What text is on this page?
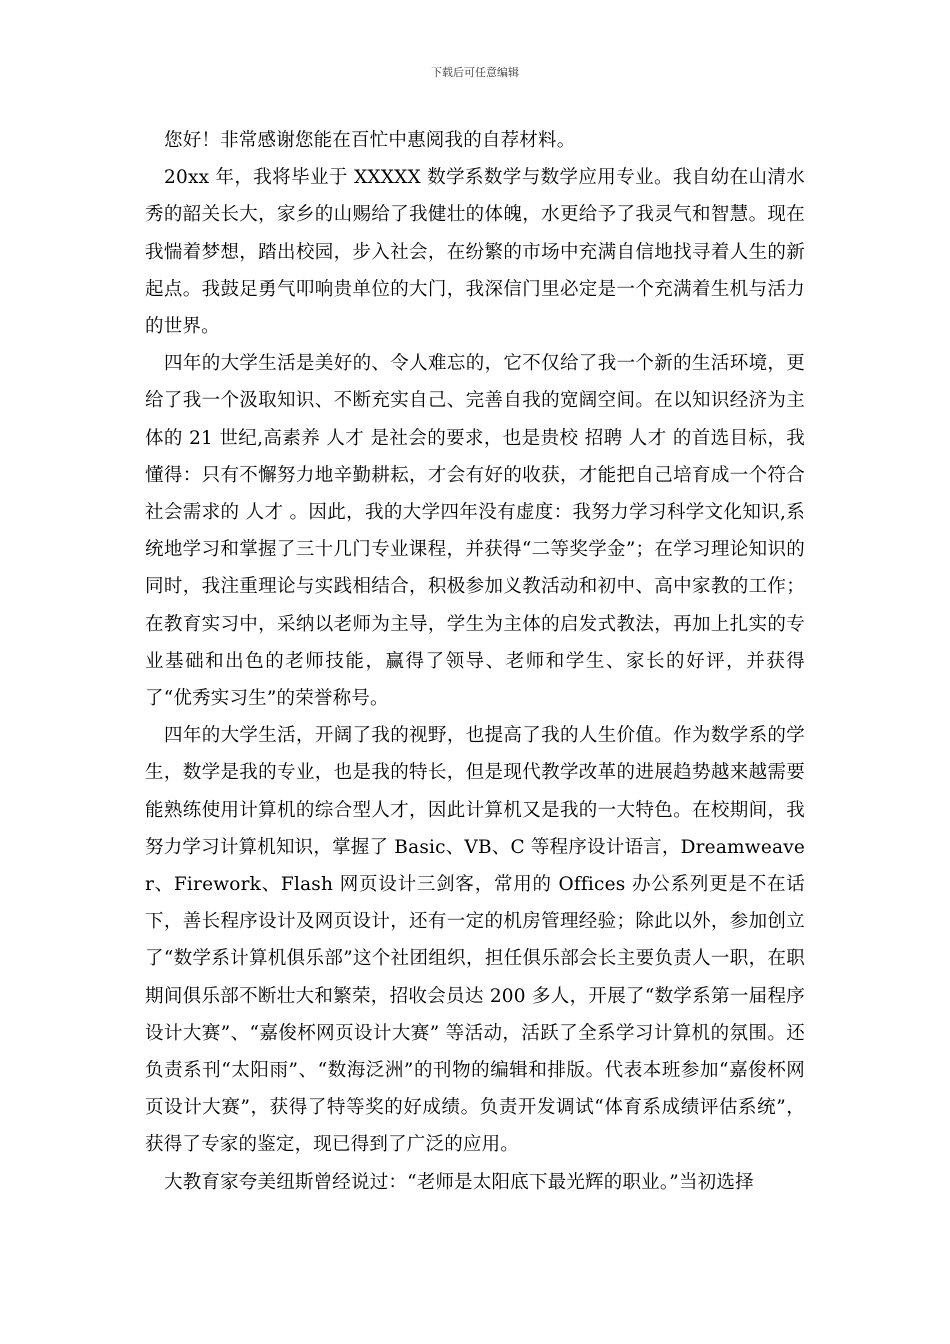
下载后可任意编辑

您好！非常感谢您能在百忙中惠阅我的自荐材料。

20xx 年，我将毕业于 XXXXX 数学系数学与数学应用专业。我自幼在山清水秀的韶关长大，家乡的山赐给了我健壮的体魄，水更给予了我灵气和智慧。现在我惴着梦想，踏出校园，步入社会，在纷繁的市场中充满自信地找寻着人生的新起点。我鼓足勇气叩响贵单位的大门，我深信门里必定是一个充满着生机与活力的世界。

四年的大学生活是美好的、令人难忘的，它不仅给了我一个新的生活环境，更给了我一个汲取知识、不断充实自己、完善自我的宽阔空间。在以知识经济为主体的 21 世纪,高素养 人才 是社会的要求，也是贵校 招聘 人才 的首选目标，我懂得：只有不懈努力地辛勤耕耘，才会有好的收获，才能把自己培育成一个符合社会需求的 人才 。因此，我的大学四年没有虚度：我努力学习科学文化知识,系统地学习和掌握了三十几门专业课程，并获得“二等奖学金”；在学习理论知识的同时，我注重理论与实践相结合，积极参加义教活动和初中、高中家教的工作；在教育实习中，采纳以老师为主导，学生为主体的启发式教法，再加上扎实的专业基础和出色的老师技能，赢得了领导、老师和学生、家长的好评，并获得了“优秀实习生”的荣誉称号。

四年的大学生活，开阔了我的视野，也提高了我的人生价值。作为数学系的学生，数学是我的专业，也是我的特长，但是现代教学改革的进展趋势越来越需要能熟练使用计算机的综合型人才，因此计算机又是我的一大特色。在校期间，我努力学习计算机知识，掌握了 Basic、VB、C 等程序设计语言，Dreamweaver、Firework、Flash 网页设计三剑客，常用的 Offices 办公系列更是不在话下，善长程序设计及网页设计，还有一定的机房管理经验；除此以外，参加创立了“数学系计算机俱乐部”这个社团组织，担任俱乐部会长主要负责人一职，在职期间俱乐部不断壮大和繁荣，招收会员达 200 多人，开展了“数学系第一届程序设计大赛”、“嘉俊杯网页设计大赛” 等活动，活跃了全系学习计算机的氛围。还负责系刊“太阳雨”、“数海泛洲”的刊物的编辑和排版。代表本班参加“嘉俊杯网页设计大赛”，获得了特等奖的好成绩。负责开发调试“体育系成绩评估系统”，获得了专家的鉴定，现已得到了广泛的应用。

大教育家夸美纽斯曾经说过：“老师是太阳底下最光辉的职业。”当初选择
